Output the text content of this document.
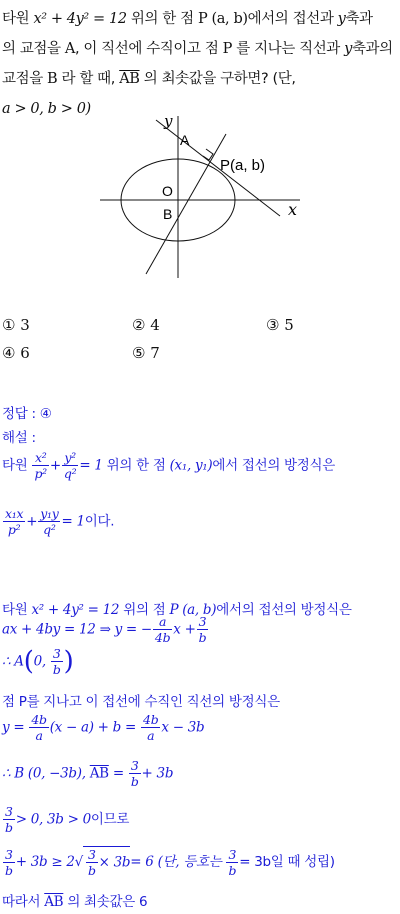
타원 x² + 4y² = 12 위의 한 점 P (a, b)에서의 접선과 y축과
의 교점을 A, 이 직선에 수직이고 점 P 를 지나는 직선과 y축과의
교점을 B 라 할 때, $\overline{AB}$ 의 최솟값을 구하면? (단,
a > 0, b > 0)
y
x
A
O
B
P(a, b)
① 3	② 4	③ 5
④ 6	⑤ 7
정답 : ④
해설 :
타원 $\frac{\text{x²}}{\text{p²}} + \frac{\text{y²}}{\text{q²}} = 1$ 위의 한 점 (x₁, y₁)에서 접선의 방정식은
$\frac{\text{x₁x}}{\text{p²}} + \frac{\text{y₁y}}{\text{q²}} = 1$이다.
타원 x² + 4y² = 12 위의 점 P (a, b)에서의 접선의 방정식은
ax + 4by = 12 ⇒ y = − $\frac{a}{4b}$ $x + \frac{3}{b}$
∴ A(0, $\frac{3}{b}$ )
점 P를 지나고 이 접선에 수직인 직선의 방정식은
$y = \frac{4b}{a} (x - a) + b = \frac{4b}{a}$ x − 3b
∴ B (0, −3b), $\overline{AB} = \frac{3}{b} + 3b$
$\frac{3}{b} > 0$, 3b > 0이므로
$\frac{3}{b} + 3b \ge 2√ \frac{3}{b} \times 3b= 6$ (단, 등호는 $\frac{3}{b} = 3b$일 때 성립)
따라서 $\overline{AB}$ 의 최솟값은 6
